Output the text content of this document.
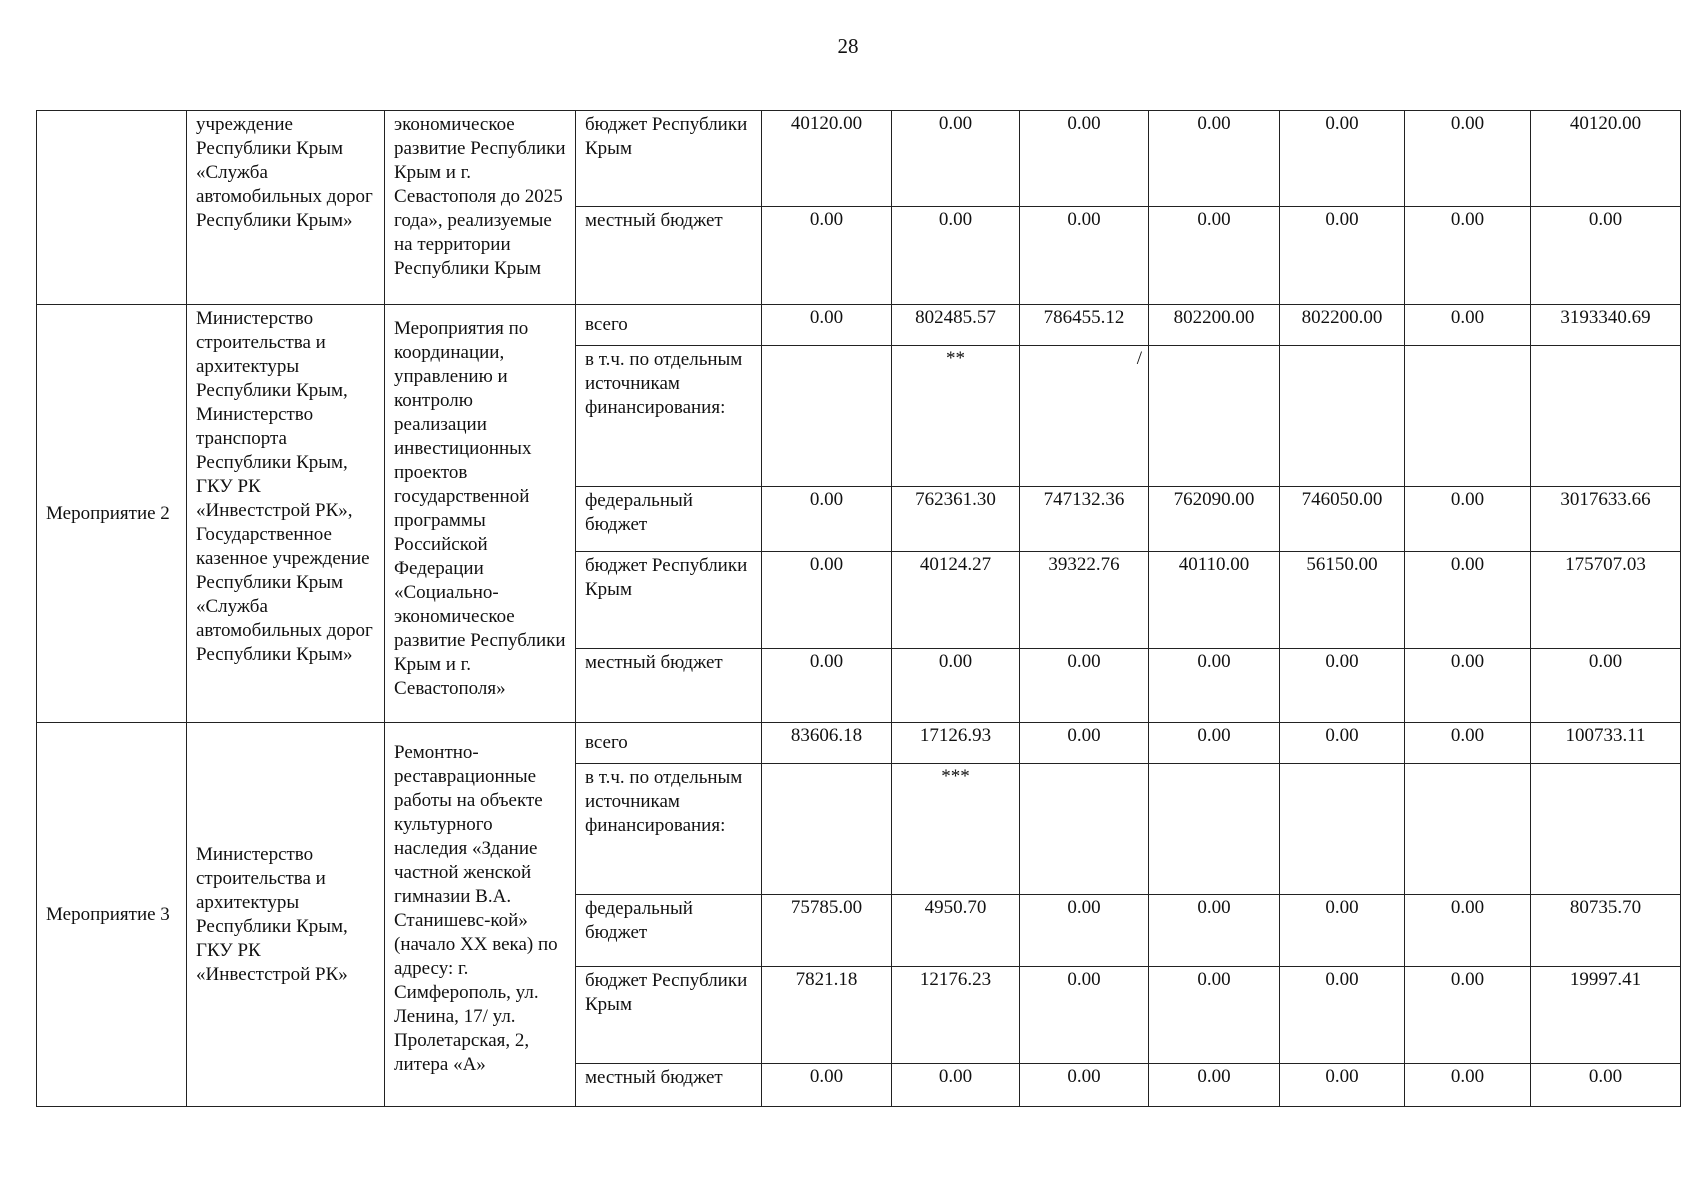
28
	учреждение Республики Крым «Служба автомобильных дорог Республики Крым»	экономическое развитие Республики Крым и г. Севастополя до 2025 года», реализуемые на территории Республики Крым	бюджет Республики Крым	40120.00	0.00	0.00	0.00	0.00	0.00	40120.00
			местный бюджет	0.00	0.00	0.00	0.00	0.00	0.00	0.00
Мероприятие 2	Министерство строительства и архитектуры Республики Крым, Министерство транспорта Республики Крым, ГКУ РК «Инвестстрой РК», Государственное казенное учреждение Республики Крым «Служба автомобильных дорог Республики Крым»	Мероприятия по координации, управлению и контролю реализации инвестиционных проектов государственной программы Российской Федерации «Социально-экономическое развитие Республики Крым и г. Севастополя»	всего	0.00	802485.57	786455.12	802200.00	802200.00	0.00	3193340.69
			в т.ч. по отдельным источникам финансирования:		**	/				
			федеральный бюджет	0.00	762361.30	747132.36	762090.00	746050.00	0.00	3017633.66
			бюджет Республики Крым	0.00	40124.27	39322.76	40110.00	56150.00	0.00	175707.03
			местный бюджет	0.00	0.00	0.00	0.00	0.00	0.00	0.00
Мероприятие 3	Министерство строительства и архитектуры Республики Крым, ГКУ РК «Инвестстрой РК»	Ремонтно-реставрационные работы на объекте культурного наследия «Здание частной женской гимназии В.А. Станишевс-кой» (начало XX века) по адресу: г. Симферополь, ул. Ленина, 17/ ул. Пролетарская, 2, литера «А»	всего	83606.18	17126.93	0.00	0.00	0.00	0.00	100733.11
			в т.ч. по отдельным источникам финансирования:		***					
			федеральный бюджет	75785.00	4950.70	0.00	0.00	0.00	0.00	80735.70
			бюджет Республики Крым	7821.18	12176.23	0.00	0.00	0.00	0.00	19997.41
			местный бюджет	0.00	0.00	0.00	0.00	0.00	0.00	0.00
